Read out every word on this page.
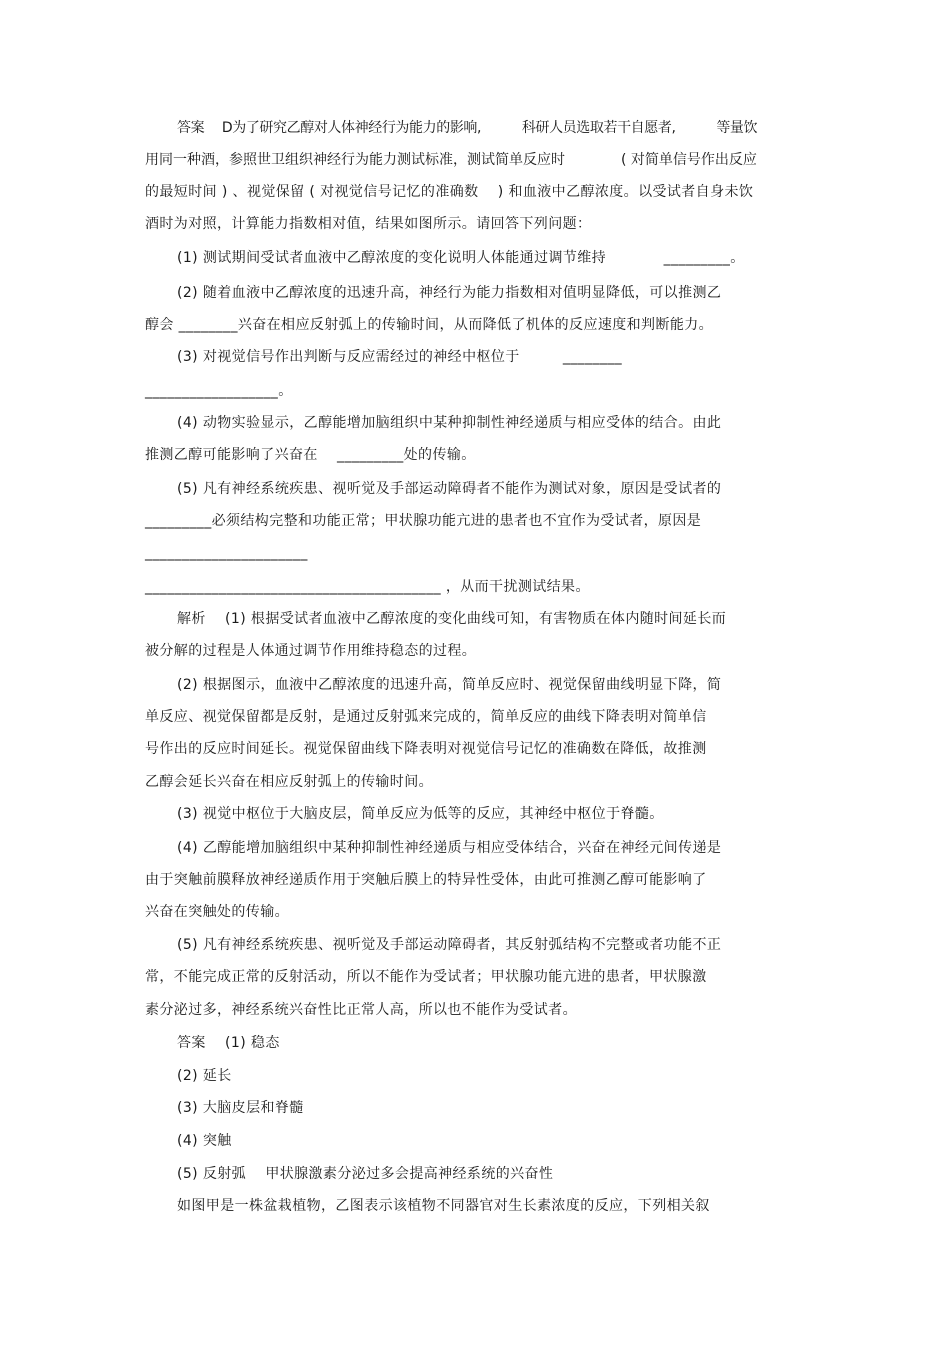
答案　 D为了研究乙醇对人体神经行为能力的影响,　　　科研人员选取若干自愿者,　　　等量饮
用同一种酒，参照世卫组织神经行为能力测试标准，测试简单反应时　　　　( 对简单信号作出反应
的最短时间 ) 、视觉保留 ( 对视觉信号记忆的准确数　 ) 和血液中乙醇浓度。以受试者自身未饮
酒时为对照，计算能力指数相对值，结果如图所示。请回答下列问题：
(1) 测试期间受试者血液中乙醇浓度的变化说明人体能通过调节维持　　　　_________。
(2) 随着血液中乙醇浓度的迅速升高，神经行为能力指数相对值明显降低，可以推测乙
醇会 ________兴奋在相应反射弧上的传输时间，从而降低了机体的反应速度和判断能力。
(3) 对视觉信号作出判断与反应需经过的神经中枢位于　　　________
__________________。
(4) 动物实验显示，乙醇能增加脑组织中某种抑制性神经递质与相应受体的结合。由此
推测乙醇可能影响了兴奋在　 _________处的传输。
(5) 凡有神经系统疾患、视听觉及手部运动障碍者不能作为测试对象，原因是受试者的
_________必须结构完整和功能正常；甲状腺功能亢进的患者也不宜作为受试者，原因是
______________________
________________________________________ ，从而干扰测试结果。
解析　 (1) 根据受试者血液中乙醇浓度的变化曲线可知，有害物质在体内随时间延长而
被分解的过程是人体通过调节作用维持稳态的过程。
(2) 根据图示，血液中乙醇浓度的迅速升高，简单反应时、视觉保留曲线明显下降，简
单反应、视觉保留都是反射，是通过反射弧来完成的，简单反应的曲线下降表明对简单信
号作出的反应时间延长。视觉保留曲线下降表明对视觉信号记忆的准确数在降低，故推测
乙醇会延长兴奋在相应反射弧上的传输时间。
(3) 视觉中枢位于大脑皮层，简单反应为低等的反应，其神经中枢位于脊髓。
(4) 乙醇能增加脑组织中某种抑制性神经递质与相应受体结合，兴奋在神经元间传递是
由于突触前膜释放神经递质作用于突触后膜上的特异性受体，由此可推测乙醇可能影响了
兴奋在突触处的传输。
(5) 凡有神经系统疾患、视听觉及手部运动障碍者，其反射弧结构不完整或者功能不正
常，不能完成正常的反射活动，所以不能作为受试者；甲状腺功能亢进的患者，甲状腺激
素分泌过多，神经系统兴奋性比正常人高，所以也不能作为受试者。
答案　 (1) 稳态
(2) 延长
(3) 大脑皮层和脊髓
(4) 突触
(5) 反射弧　 甲状腺激素分泌过多会提高神经系统的兴奋性
如图甲是一株盆栽植物，乙图表示该植物不同器官对生长素浓度的反应，下列相关叙
